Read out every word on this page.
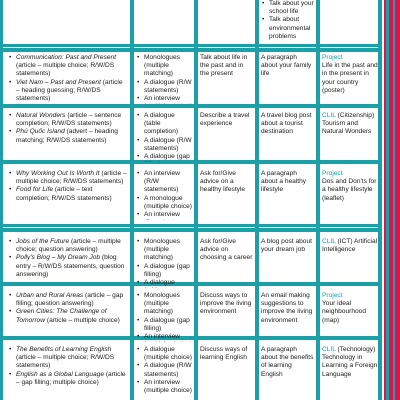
• Talk about your school life
• Talk about environmental problems
• Communication: Past and Present (article – multiple choice; R/W/DS statements)
• Viet Nam – Past and Present (article – heading guessing; R/W/DS statements)
• Monologues (multiple matching)
• A dialogue (R/W statements)
• An interview
Talk about life in the past and in the present
A paragraph about your family life
Project
Life in the past and in the present in your country (poster)
• Natural Wonders (article – sentence completion; R/W/DS statements)
• Phú Quốc Island (advert – heading matching; R/W/DS statements)
• A dialogue (table completion)
• A dialogue (R/W statements)
• A dialogue (gap
Describe a travel experience
A travel blog post about a tourist destination
CLIL (Citizenship) Tourism and Natural Wonders
• Why Working Out Is Worth It (article – multiple choice; R/W/DS statements)
• Food for Life (article – text completion; R/W/DS statements)
• An interview (R/W statements)
• A monologue (multiple choice)
• An interview
Ask for/Give advice on a healthy lifestyle
A paragraph about a healthy lifestyle
Project
Dos and Don'ts for a healthy lifestyle (leaflet)
• Jobs of the Future (article – multiple choice; question answering)
• Polly's Blog – My Dream Job (blog entry – R/W/DS statements, question answering)
• Monologues (multiple matching)
• A dialogue (gap filling)
• A dialogue
Ask for/Give advice on choosing a career
A blog post about your dream job
CLIL (ICT) Artificial Intelligence
• Urban and Rural Areas (article – gap filling; question answering)
• Green Cities: The Challenge of Tomorrow (article – multiple choice)
• Monologues (multiple matching)
• A dialogue (gap filling)
• An interview
Discuss ways to improve the living environment
An email making suggestions to improve the living environment
Project
Your ideal neighbourhood (map)
• The Benefits of Learning English (article – multiple choice; R/W/DS statements)
• English as a Global Language (article – gap filling; multiple choice)
• A dialogue (multiple choice)
• A dialogue (R/W statements)
• An interview (multiple choice)
Discuss ways of learning English
A paragraph about the benefits of learning English
CLIL (Technology) Technology in Learning a Foreign Language
